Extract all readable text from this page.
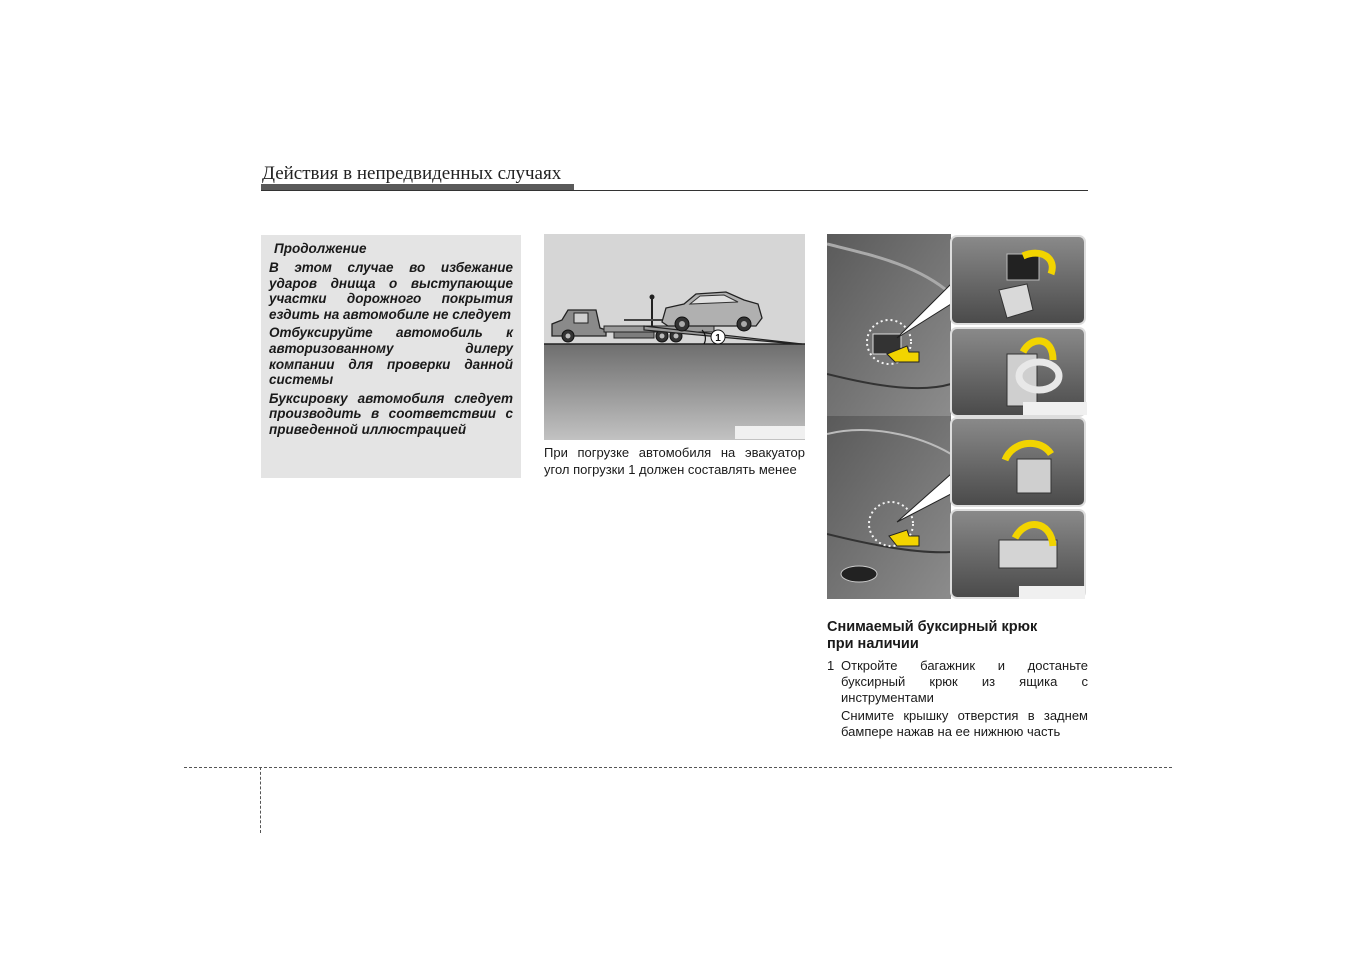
Действия в непредвиденных случаях
Продолжение

В этом случае во избежание ударов днища о выступающие участки дорожного покрытия ездить на автомобиле не следует

Отбуксируйте автомобиль к авторизованному дилеру компании для проверки данной системы

Буксировку автомобиля следует производить в соответствии с приведенной иллюстрацией

1
При погрузке автомобиля на эвакуатор угол погрузки 1 должен составлять менее
Снимаемый буксирный крюк
при наличии
1 Откройте багажник и достаньте буксирный крюк из ящика с инструментами
Снимите крышку отверстия в заднем бампере нажав на ее нижнюю часть
